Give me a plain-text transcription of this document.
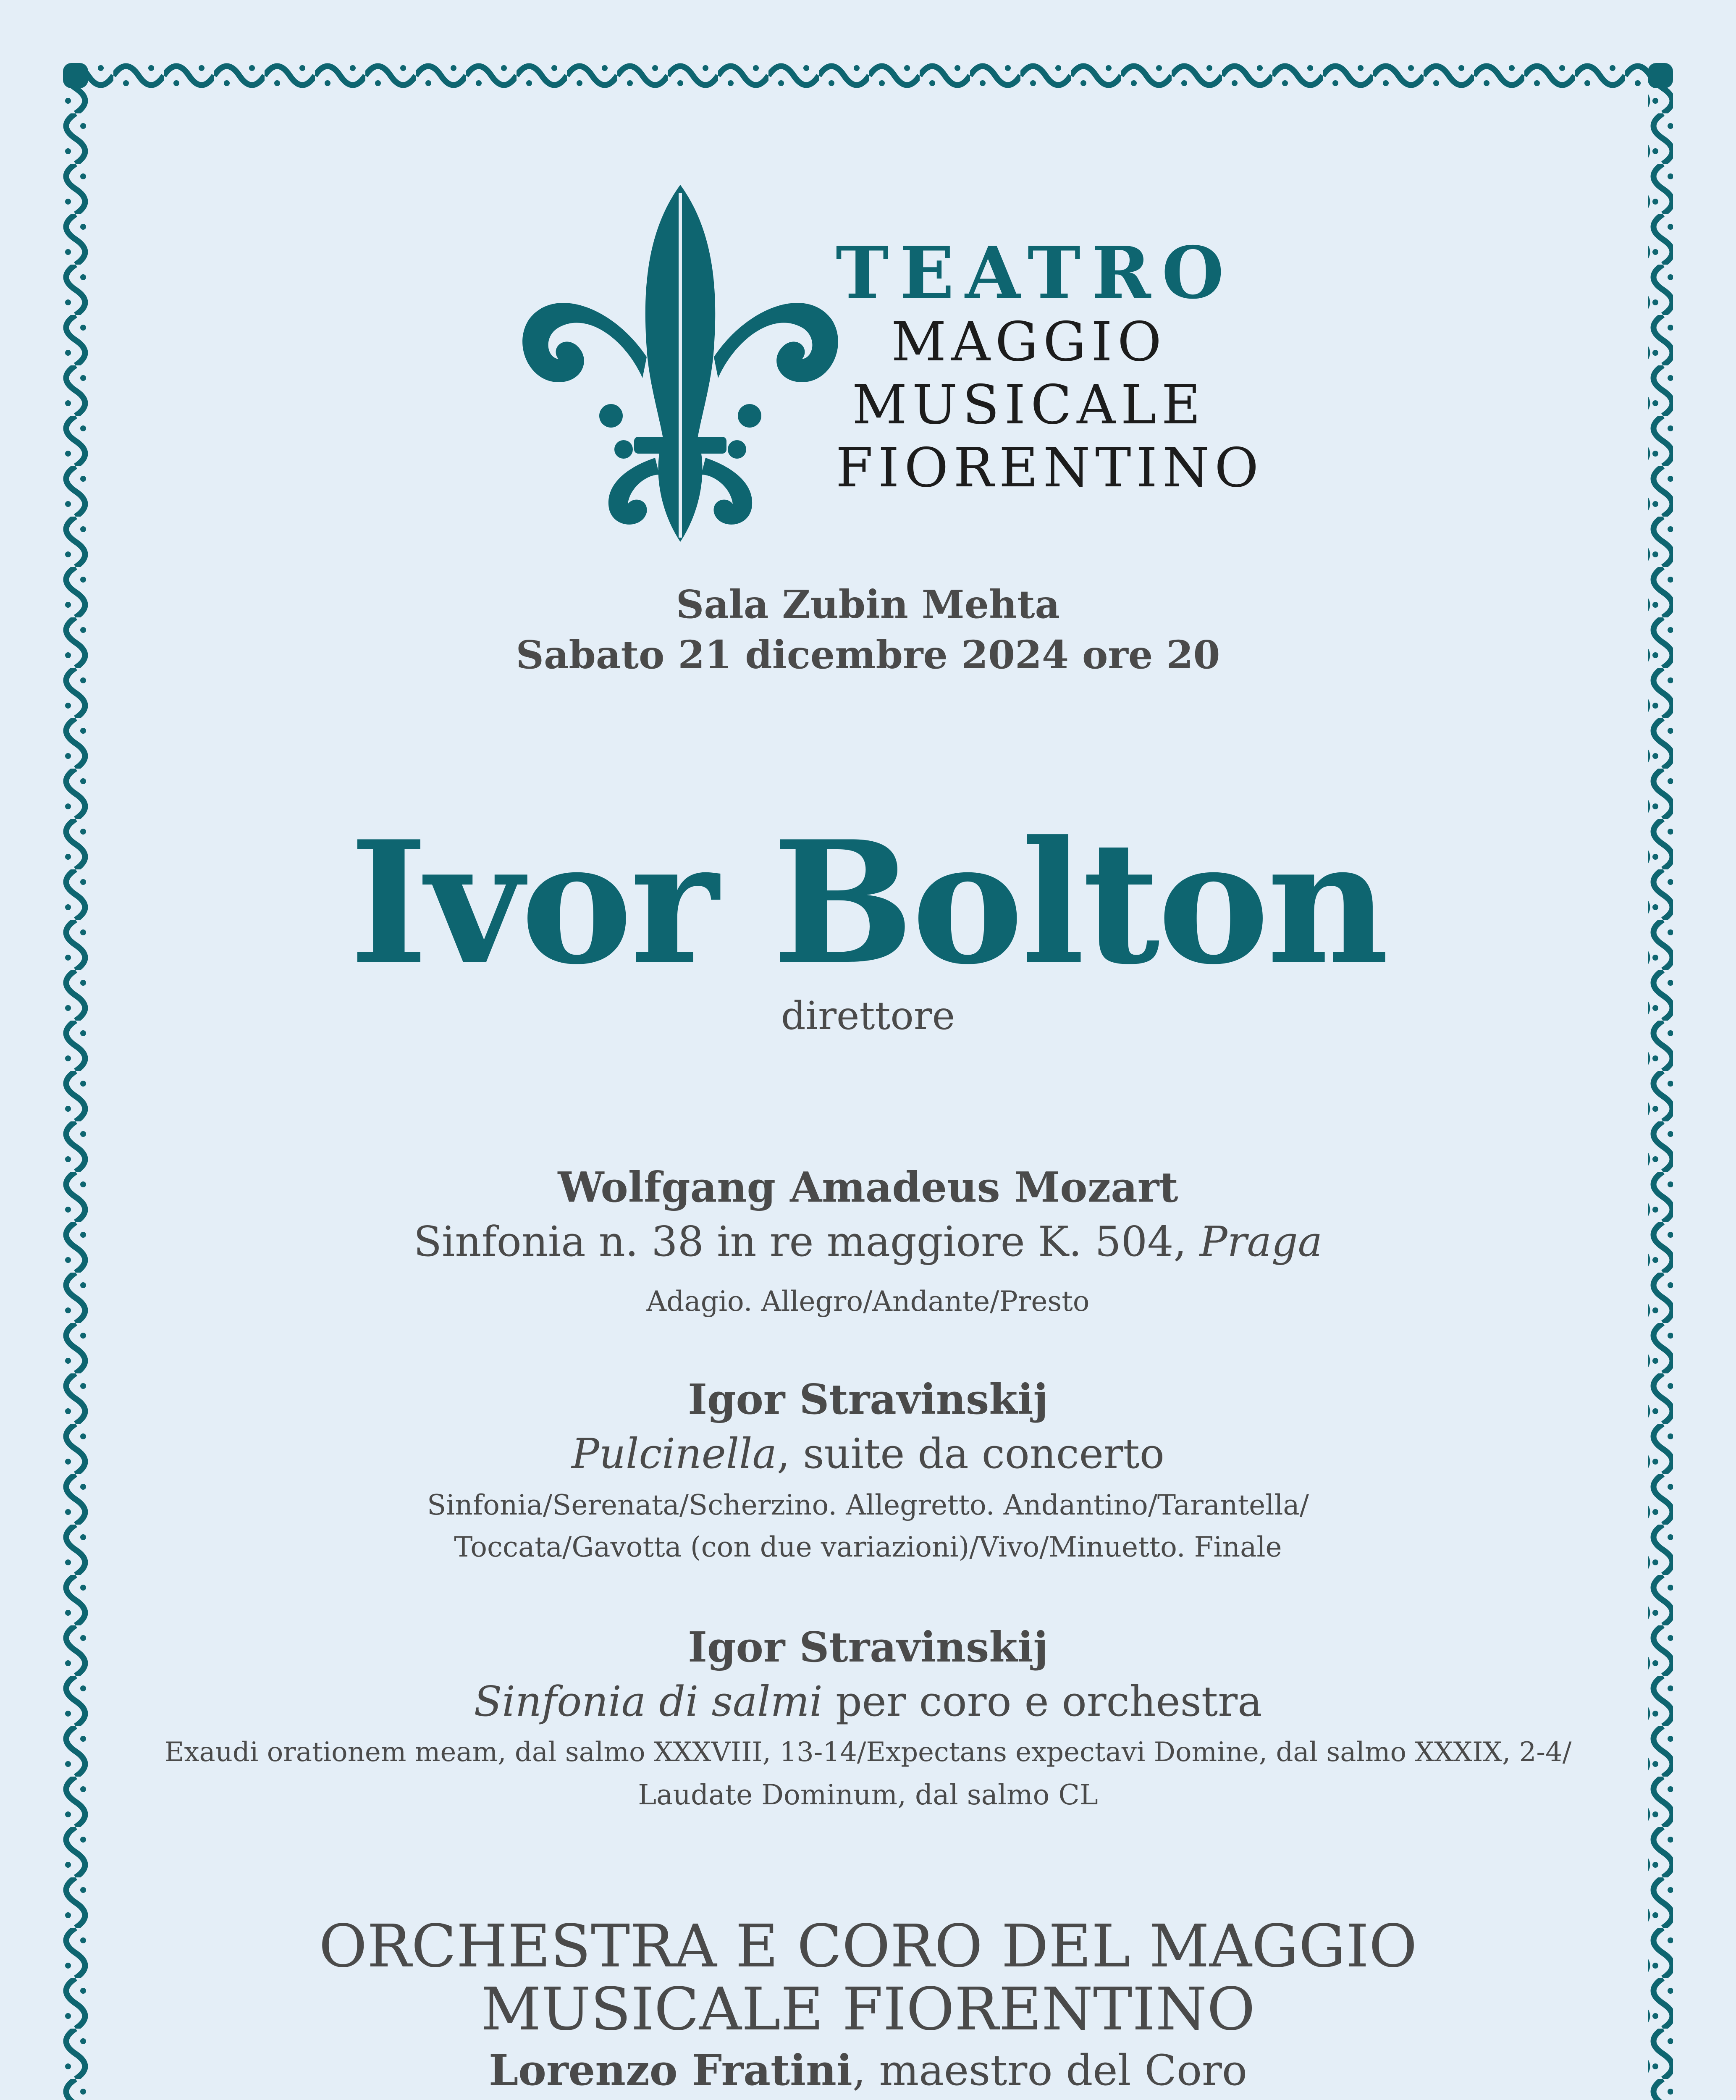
TEATRO
MAGGIO
MUSICALE
FIORENTINO
Sala Zubin Mehta
Sabato 21 dicembre 2024 ore 20
Ivor Bolton
direttore
Wolfgang Amadeus Mozart
Sinfonia n. 38 in re maggiore K. 504, Praga
Adagio. Allegro/Andante/Presto
Igor Stravinskij
Pulcinella, suite da concerto
Sinfonia/Serenata/Scherzino. Allegretto. Andantino/Tarantella/
Toccata/Gavotta (con due variazioni)/Vivo/Minuetto. Finale
Igor Stravinskij
Sinfonia di salmi per coro e orchestra
Exaudi orationem meam, dal salmo XXXVIII, 13-14/Expectans expectavi Domine, dal salmo XXXIX, 2-4/
Laudate Dominum, dal salmo CL
ORCHESTRA E CORO DEL MAGGIO
MUSICALE FIORENTINO
Lorenzo Fratini, maestro del Coro
